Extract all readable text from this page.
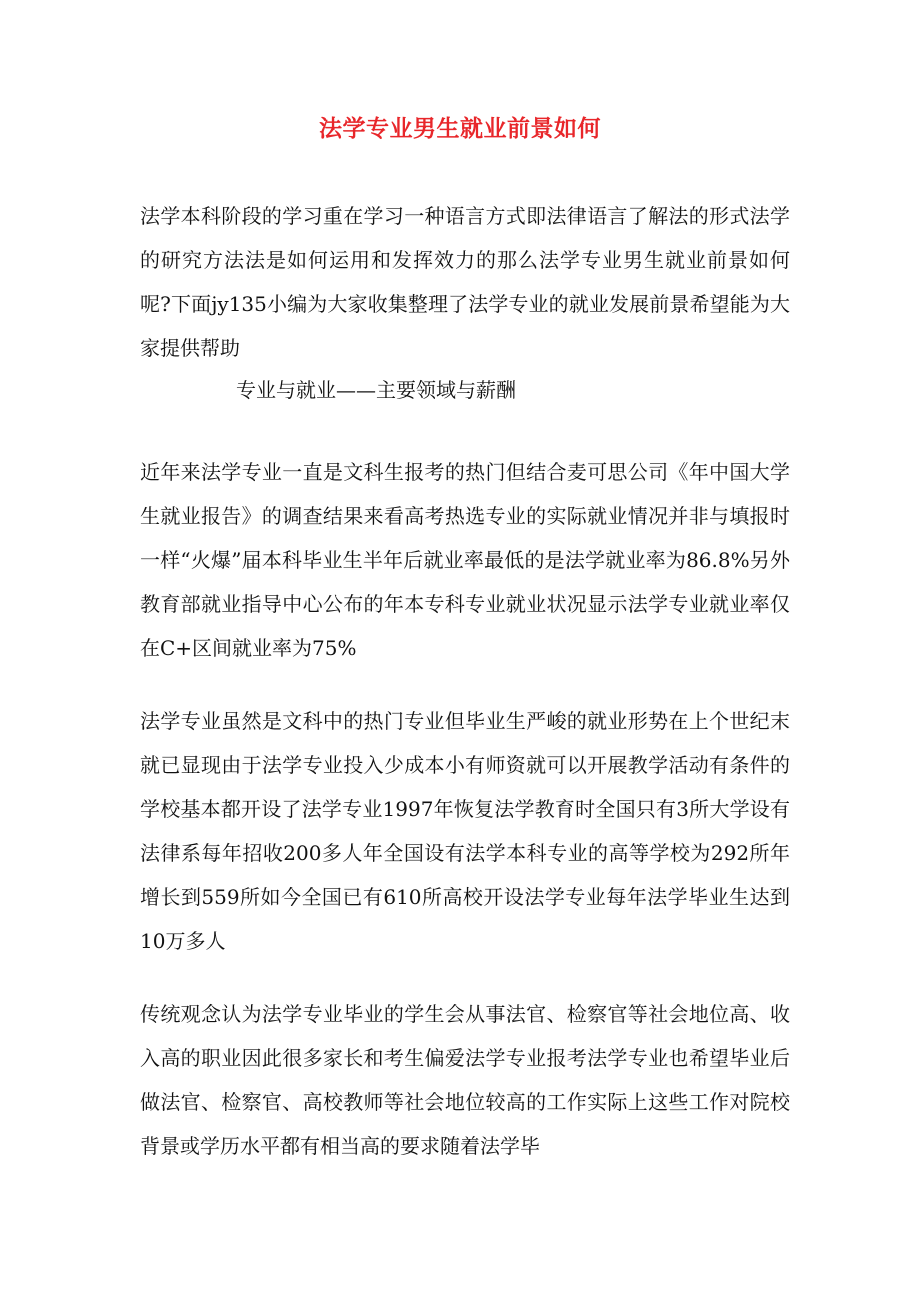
法学专业男生就业前景如何

法学本科阶段的学习重在学习一种语言方式即法律语言了解法的形式法学的研究方法法是如何运用和发挥效力的那么法学专业男生就业前景如何呢?下面jy135小编为大家收集整理了法学专业的就业发展前景希望能为大家提供帮助

专业与就业——主要领域与薪酬

近年来法学专业一直是文科生报考的热门但结合麦可思公司《年中国大学生就业报告》的调查结果来看高考热选专业的实际就业情况并非与填报时一样“火爆”届本科毕业生半年后就业率最低的是法学就业率为86.8%另外教育部就业指导中心公布的年本专科专业就业状况显示法学专业就业率仅在C+区间就业率为75%

法学专业虽然是文科中的热门专业但毕业生严峻的就业形势在上个世纪末就已显现由于法学专业投入少成本小有师资就可以开展教学活动有条件的学校基本都开设了法学专业1997年恢复法学教育时全国只有3所大学设有法律系每年招收200多人年全国设有法学本科专业的高等学校为292所年增长到559所如今全国已有610所高校开设法学专业每年法学毕业生达到10万多人

传统观念认为法学专业毕业的学生会从事法官、检察官等社会地位高、收入高的职业因此很多家长和考生偏爱法学专业报考法学专业也希望毕业后做法官、检察官、高校教师等社会地位较高的工作实际上这些工作对院校背景或学历水平都有相当高的要求随着法学毕
